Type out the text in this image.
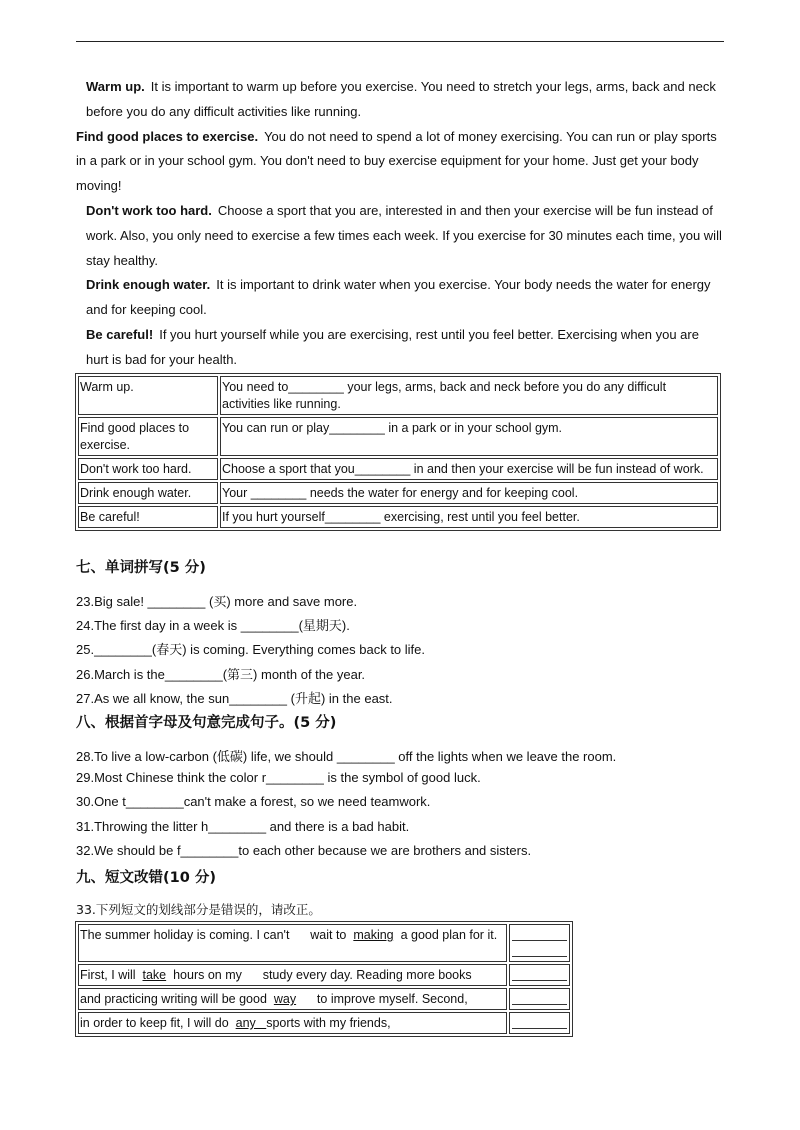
Warm up. It is important to warm up before you exercise. You need to stretch your legs, arms, back and neck before you do any difficult activities like running.

Find good places to exercise. You do not need to spend a lot of money exercising. You can run or play sports in a park or in your school gym. You don't need to buy exercise equipment for your home. Just get your body moving!

Don't work too hard. Choose a sport that you are, interested in and then your exercise will be fun instead of work. Also, you only need to exercise a few times each week. If you exercise for 30 minutes each time, you will stay healthy.

Drink enough water. It is important to drink water when you exercise. Your body needs the water for energy and for keeping cool.

Be careful! If you hurt yourself while you are exercising, rest until you feel better. Exercising when you are hurt is bad for your health.

Warm up.	You need to________ your legs, arms, back and neck before you do any difficult activities like running.
Find good places to exercise.	You can run or play________ in a park or in your school gym.
Don't work too hard.	Choose a sport that you________ in and then your exercise will be fun instead of work.
Drink enough water.	Your ________ needs the water for energy and for keeping cool.
Be careful!	If you hurt yourself________ exercising, rest until you feel better.
七、单词拼写(5 分)
23.Big sale! ________ (买) more and save more.
24.The first day in a week is ________(星期天).
25.________(春天) is coming. Everything comes back to life.
26.March is the________(第三) month of the year.
27.As we all know, the sun________ (升起) in the east.
八、根据首字母及句意完成句子。(5 分)
28.To live a low-carbon (低碳) life, we should ________ off the lights when we leave the room.
29.Most Chinese think the color r________ is the symbol of good luck.
30.One t________can't make a forest, so we need teamwork.
31.Throwing the litter h________ and there is a bad habit.
32.We should be f________to each other because we are brothers and sisters.
九、短文改错(10 分)
33.下列短文的划线部分是错误的，请改正。
The summer holiday is coming. I can't      wait to  making  a good plan for it.	

First, I will  take  hours on my      study every day. Reading more books	

and practicing writing will be good  way      to improve myself. Second,	

in order to keep fit, I will do  any   sports with my friends,	
